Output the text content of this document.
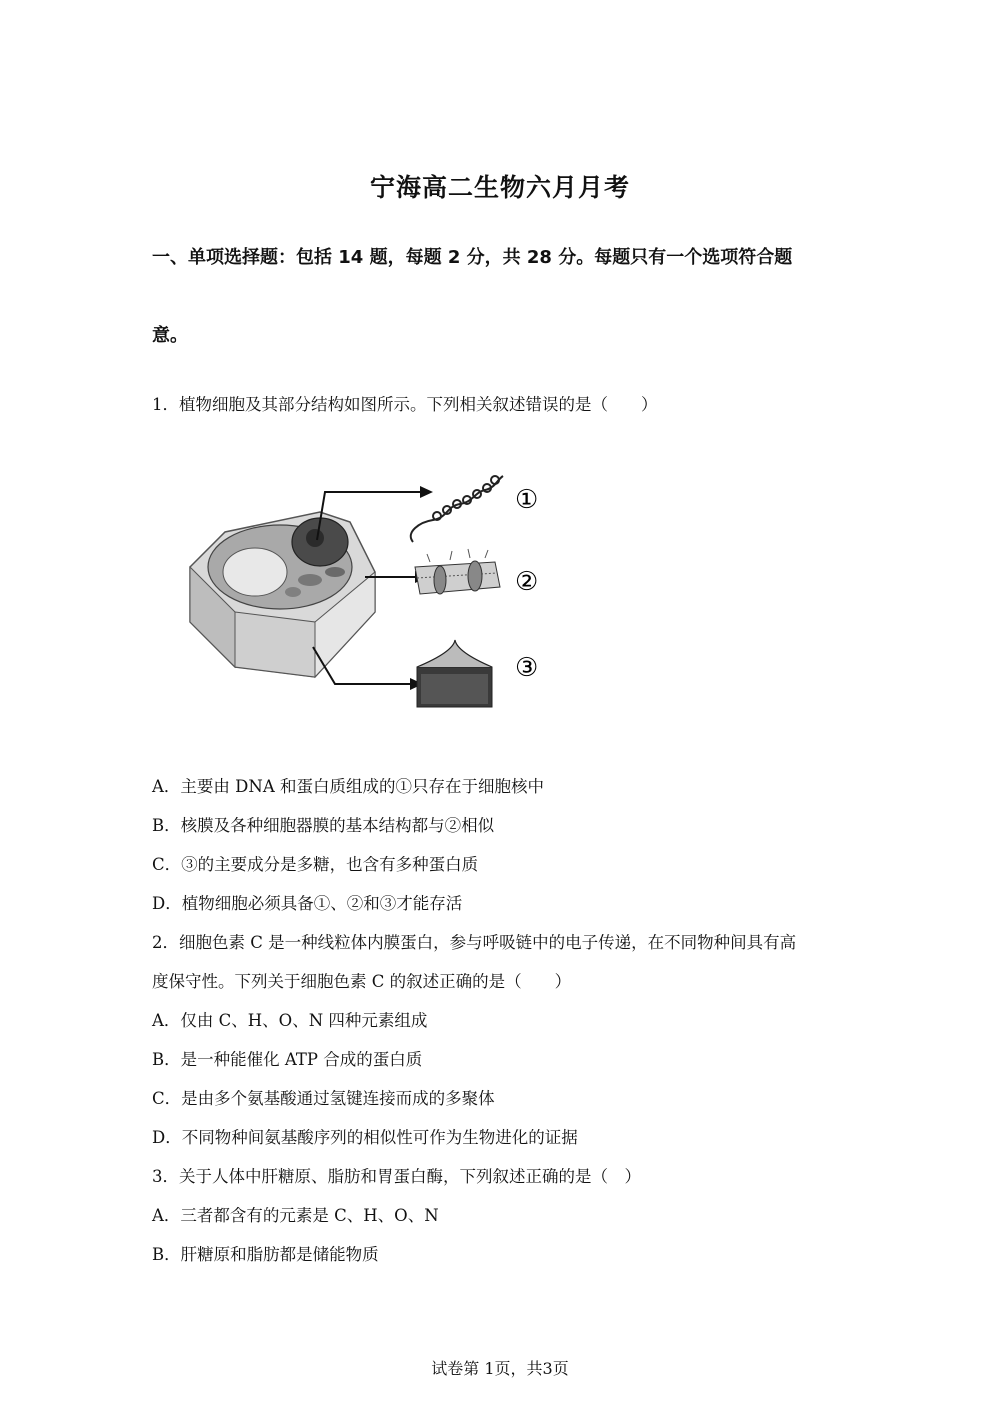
宁海高二生物六月月考
一、单项选择题：包括 14 题，每题 2 分，共 28 分。每题只有一个选项符合题
意。
1．植物细胞及其部分结构如图所示。下列相关叙述错误的是（　　）
①
②
③
A．主要由 DNA 和蛋白质组成的①只存在于细胞核中
B．核膜及各种细胞器膜的基本结构都与②相似
C．③的主要成分是多糖，也含有多种蛋白质
D．植物细胞必须具备①、②和③才能存活
2．细胞色素 C 是一种线粒体内膜蛋白，参与呼吸链中的电子传递，在不同物种间具有高
度保守性。下列关于细胞色素 C 的叙述正确的是（　　）
A．仅由 C、H、O、N 四种元素组成
B．是一种能催化 ATP 合成的蛋白质
C．是由多个氨基酸通过氢键连接而成的多聚体
D．不同物种间氨基酸序列的相似性可作为生物进化的证据
3．关于人体中肝糖原、脂肪和胃蛋白酶，下列叙述正确的是（　）
A．三者都含有的元素是 C、H、O、N
B．肝糖原和脂肪都是储能物质
试卷第 1页，共3页
